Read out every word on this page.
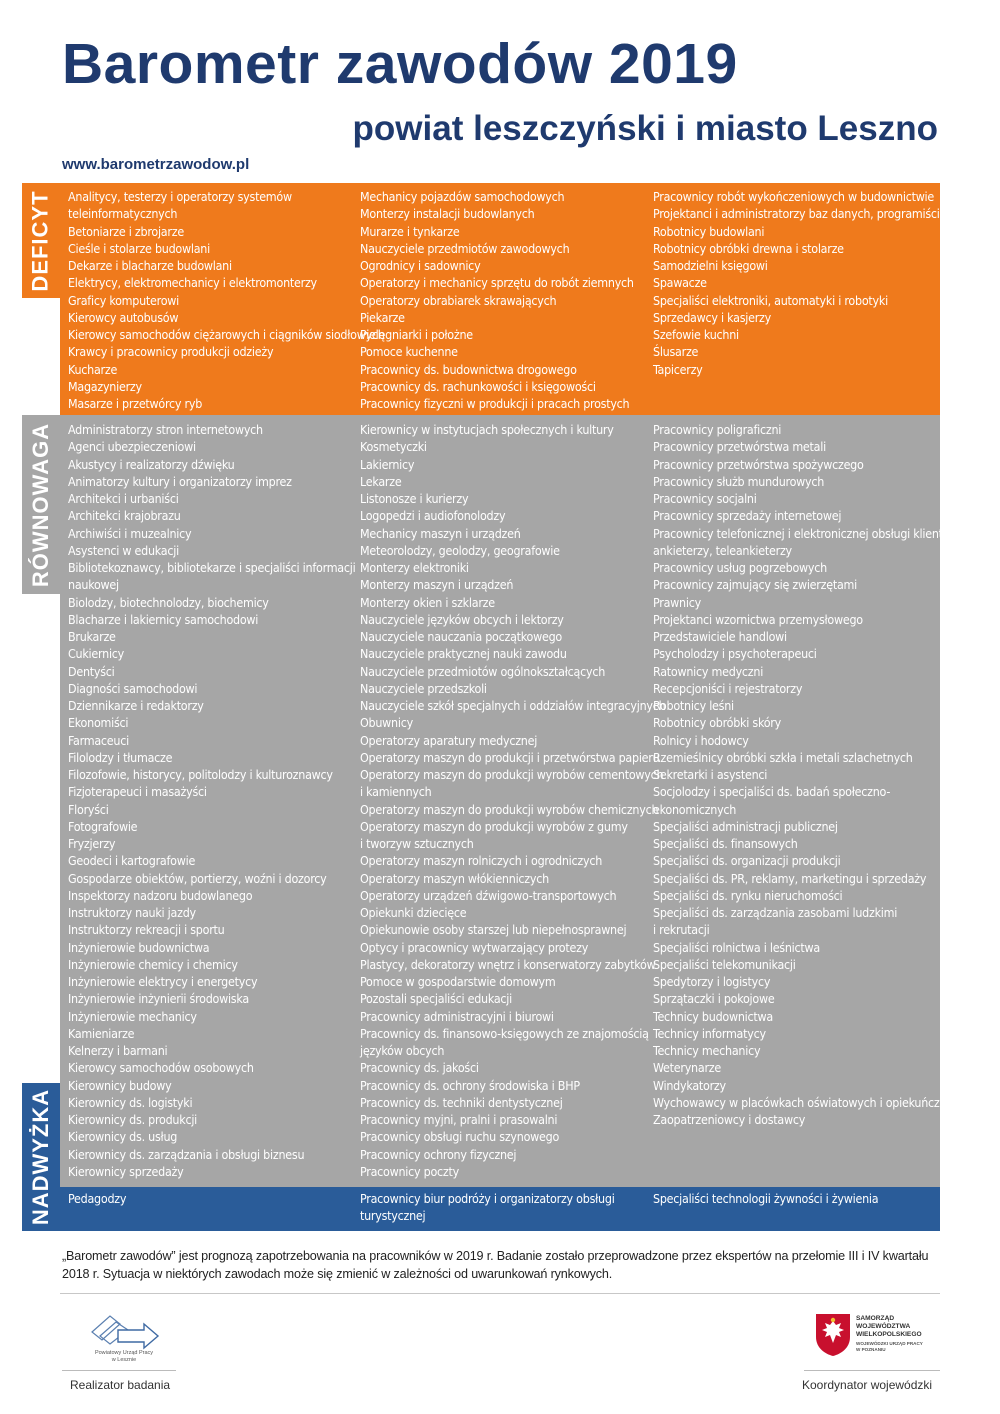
Barometr zawodów 2019
powiat leszczyński i miasto Leszno
www.barometrzawodow.pl
Analitycy, testerzy i operatorzy systemów
teleinformatycznych
Betoniarze i zbrojarze
Cieśle i stolarze budowlani
Dekarze i blacharze budowlani
Elektrycy, elektromechanicy i elektromonterzy
Graficy komputerowi
Kierowcy autobusów
Kierowcy samochodów ciężarowych i ciągników siodłowych
Krawcy i pracownicy produkcji odzieży
Kucharze
Magazynierzy
Masarze i przetwórcy ryb
Mechanicy pojazdów samochodowych
Monterzy instalacji budowlanych
Murarze i tynkarze
Nauczyciele przedmiotów zawodowych
Ogrodnicy i sadownicy
Operatorzy i mechanicy sprzętu do robót ziemnych
Operatorzy obrabiarek skrawających
Piekarze
Pielęgniarki i położne
Pomoce kuchenne
Pracownicy ds. budownictwa drogowego
Pracownicy ds. rachunkowości i księgowości
Pracownicy fizyczni w produkcji i pracach prostych
Pracownicy robót wykończeniowych w budownictwie
Projektanci i administratorzy baz danych, programiści
Robotnicy budowlani
Robotnicy obróbki drewna i stolarze
Samodzielni księgowi
Spawacze
Specjaliści elektroniki, automatyki i robotyki
Sprzedawcy i kasjerzy
Szefowie kuchni
Ślusarze
Tapicerzy
Administratorzy stron internetowych
Agenci ubezpieczeniowi
Akustycy i realizatorzy dźwięku
Animatorzy kultury i organizatorzy imprez
Architekci i urbaniści
Architekci krajobrazu
Archiwiści i muzealnicy
Asystenci w edukacji
Bibliotekoznawcy, bibliotekarze i specjaliści informacji
naukowej
Biolodzy, biotechnolodzy, biochemicy
Blacharze i lakiernicy samochodowi
Brukarze
Cukiernicy
Dentyści
Diagności samochodowi
Dziennikarze i redaktorzy
Ekonomiści
Farmaceuci
Filolodzy i tłumacze
Filozofowie, historycy, politolodzy i kulturoznawcy
Fizjoterapeuci i masażyści
Floryści
Fotografowie
Fryzjerzy
Geodeci i kartografowie
Gospodarze obiektów, portierzy, woźni i dozorcy
Inspektorzy nadzoru budowlanego
Instruktorzy nauki jazdy
Instruktorzy rekreacji i sportu
Inżynierowie budownictwa
Inżynierowie chemicy i chemicy
Inżynierowie elektrycy i energetycy
Inżynierowie inżynierii środowiska
Inżynierowie mechanicy
Kamieniarze
Kelnerzy i barmani
Kierowcy samochodów osobowych
Kierownicy budowy
Kierownicy ds. logistyki
Kierownicy ds. produkcji
Kierownicy ds. usług
Kierownicy ds. zarządzania i obsługi biznesu
Kierownicy sprzedaży
Kierownicy w instytucjach społecznych i kultury
Kosmetyczki
Lakiernicy
Lekarze
Listonosze i kurierzy
Logopedzi i audiofonolodzy
Mechanicy maszyn i urządzeń
Meteorolodzy, geolodzy, geografowie
Monterzy elektroniki
Monterzy maszyn i urządzeń
Monterzy okien i szklarze
Nauczyciele języków obcych i lektorzy
Nauczyciele nauczania początkowego
Nauczyciele praktycznej nauki zawodu
Nauczyciele przedmiotów ogólnokształcących
Nauczyciele przedszkoli
Nauczyciele szkół specjalnych i oddziałów integracyjnych
Obuwnicy
Operatorzy aparatury medycznej
Operatorzy maszyn do produkcji i przetwórstwa papieru
Operatorzy maszyn do produkcji wyrobów cementowych
i kamiennych
Operatorzy maszyn do produkcji wyrobów chemicznych
Operatorzy maszyn do produkcji wyrobów z gumy
i tworzyw sztucznych
Operatorzy maszyn rolniczych i ogrodniczych
Operatorzy maszyn włókienniczych
Operatorzy urządzeń dźwigowo-transportowych
Opiekunki dziecięce
Opiekunowie osoby starszej lub niepełnosprawnej
Optycy i pracownicy wytwarzający protezy
Plastycy, dekoratorzy wnętrz i konserwatorzy zabytków
Pomoce w gospodarstwie domowym
Pozostali specjaliści edukacji
Pracownicy administracyjni i biurowi
Pracownicy ds. finansowo-księgowych ze znajomością
języków obcych
Pracownicy ds. jakości
Pracownicy ds. ochrony środowiska i BHP
Pracownicy ds. techniki dentystycznej
Pracownicy myjni, pralni i prasowalni
Pracownicy obsługi ruchu szynowego
Pracownicy ochrony fizycznej
Pracownicy poczty
Pracownicy poligraficzni
Pracownicy przetwórstwa metali
Pracownicy przetwórstwa spożywczego
Pracownicy służb mundurowych
Pracownicy socjalni
Pracownicy sprzedaży internetowej
Pracownicy telefonicznej i elektronicznej obsługi klienta,
ankieterzy, teleankieterzy
Pracownicy usług pogrzebowych
Pracownicy zajmujący się zwierzętami
Prawnicy
Projektanci wzornictwa przemysłowego
Przedstawiciele handlowi
Psycholodzy i psychoterapeuci
Ratownicy medyczni
Recepcjoniści i rejestratorzy
Robotnicy leśni
Robotnicy obróbki skóry
Rolnicy i hodowcy
Rzemieślnicy obróbki szkła i metali szlachetnych
Sekretarki i asystenci
Socjolodzy i specjaliści ds. badań społeczno-
ekonomicznych
Specjaliści administracji publicznej
Specjaliści ds. finansowych
Specjaliści ds. organizacji produkcji
Specjaliści ds. PR, reklamy, marketingu i sprzedaży
Specjaliści ds. rynku nieruchomości
Specjaliści ds. zarządzania zasobami ludzkimi
i rekrutacji
Specjaliści rolnictwa i leśnictwa
Specjaliści telekomunikacji
Spedytorzy i logistycy
Sprzątaczki i pokojowe
Technicy budownictwa
Technicy informatycy
Technicy mechanicy
Weterynarze
Windykatorzy
Wychowawcy w placówkach oświatowych i opiekuńczych
Zaopatrzeniowcy i dostawcy
Pedagodzy	Pracownicy biur podróży i organizatorzy obsługi
turystycznej
Specjaliści technologii żywności i żywienia
DEFICYT
RÓWNOWAGA
NADWYŻKA
„Barometr zawodów” jest prognozą zapotrzebowania na pracowników w 2019 r. Badanie zostało przeprowadzone przez ekspertów na przełomie III i IV kwartału 2018 r. Sytuacja w niektórych zawodach może się zmienić w zależności od uwarunkowań rynkowych.
Powiatowy Urząd Pracy
w Lesznie
Realizator badania
SAMORZĄD WOJEWÓDZTWA
WIELKOPOLSKIEGO
WOJEWÓDZKI URZĄD PRACY
W POZNANIU
Koordynator wojewódzki
